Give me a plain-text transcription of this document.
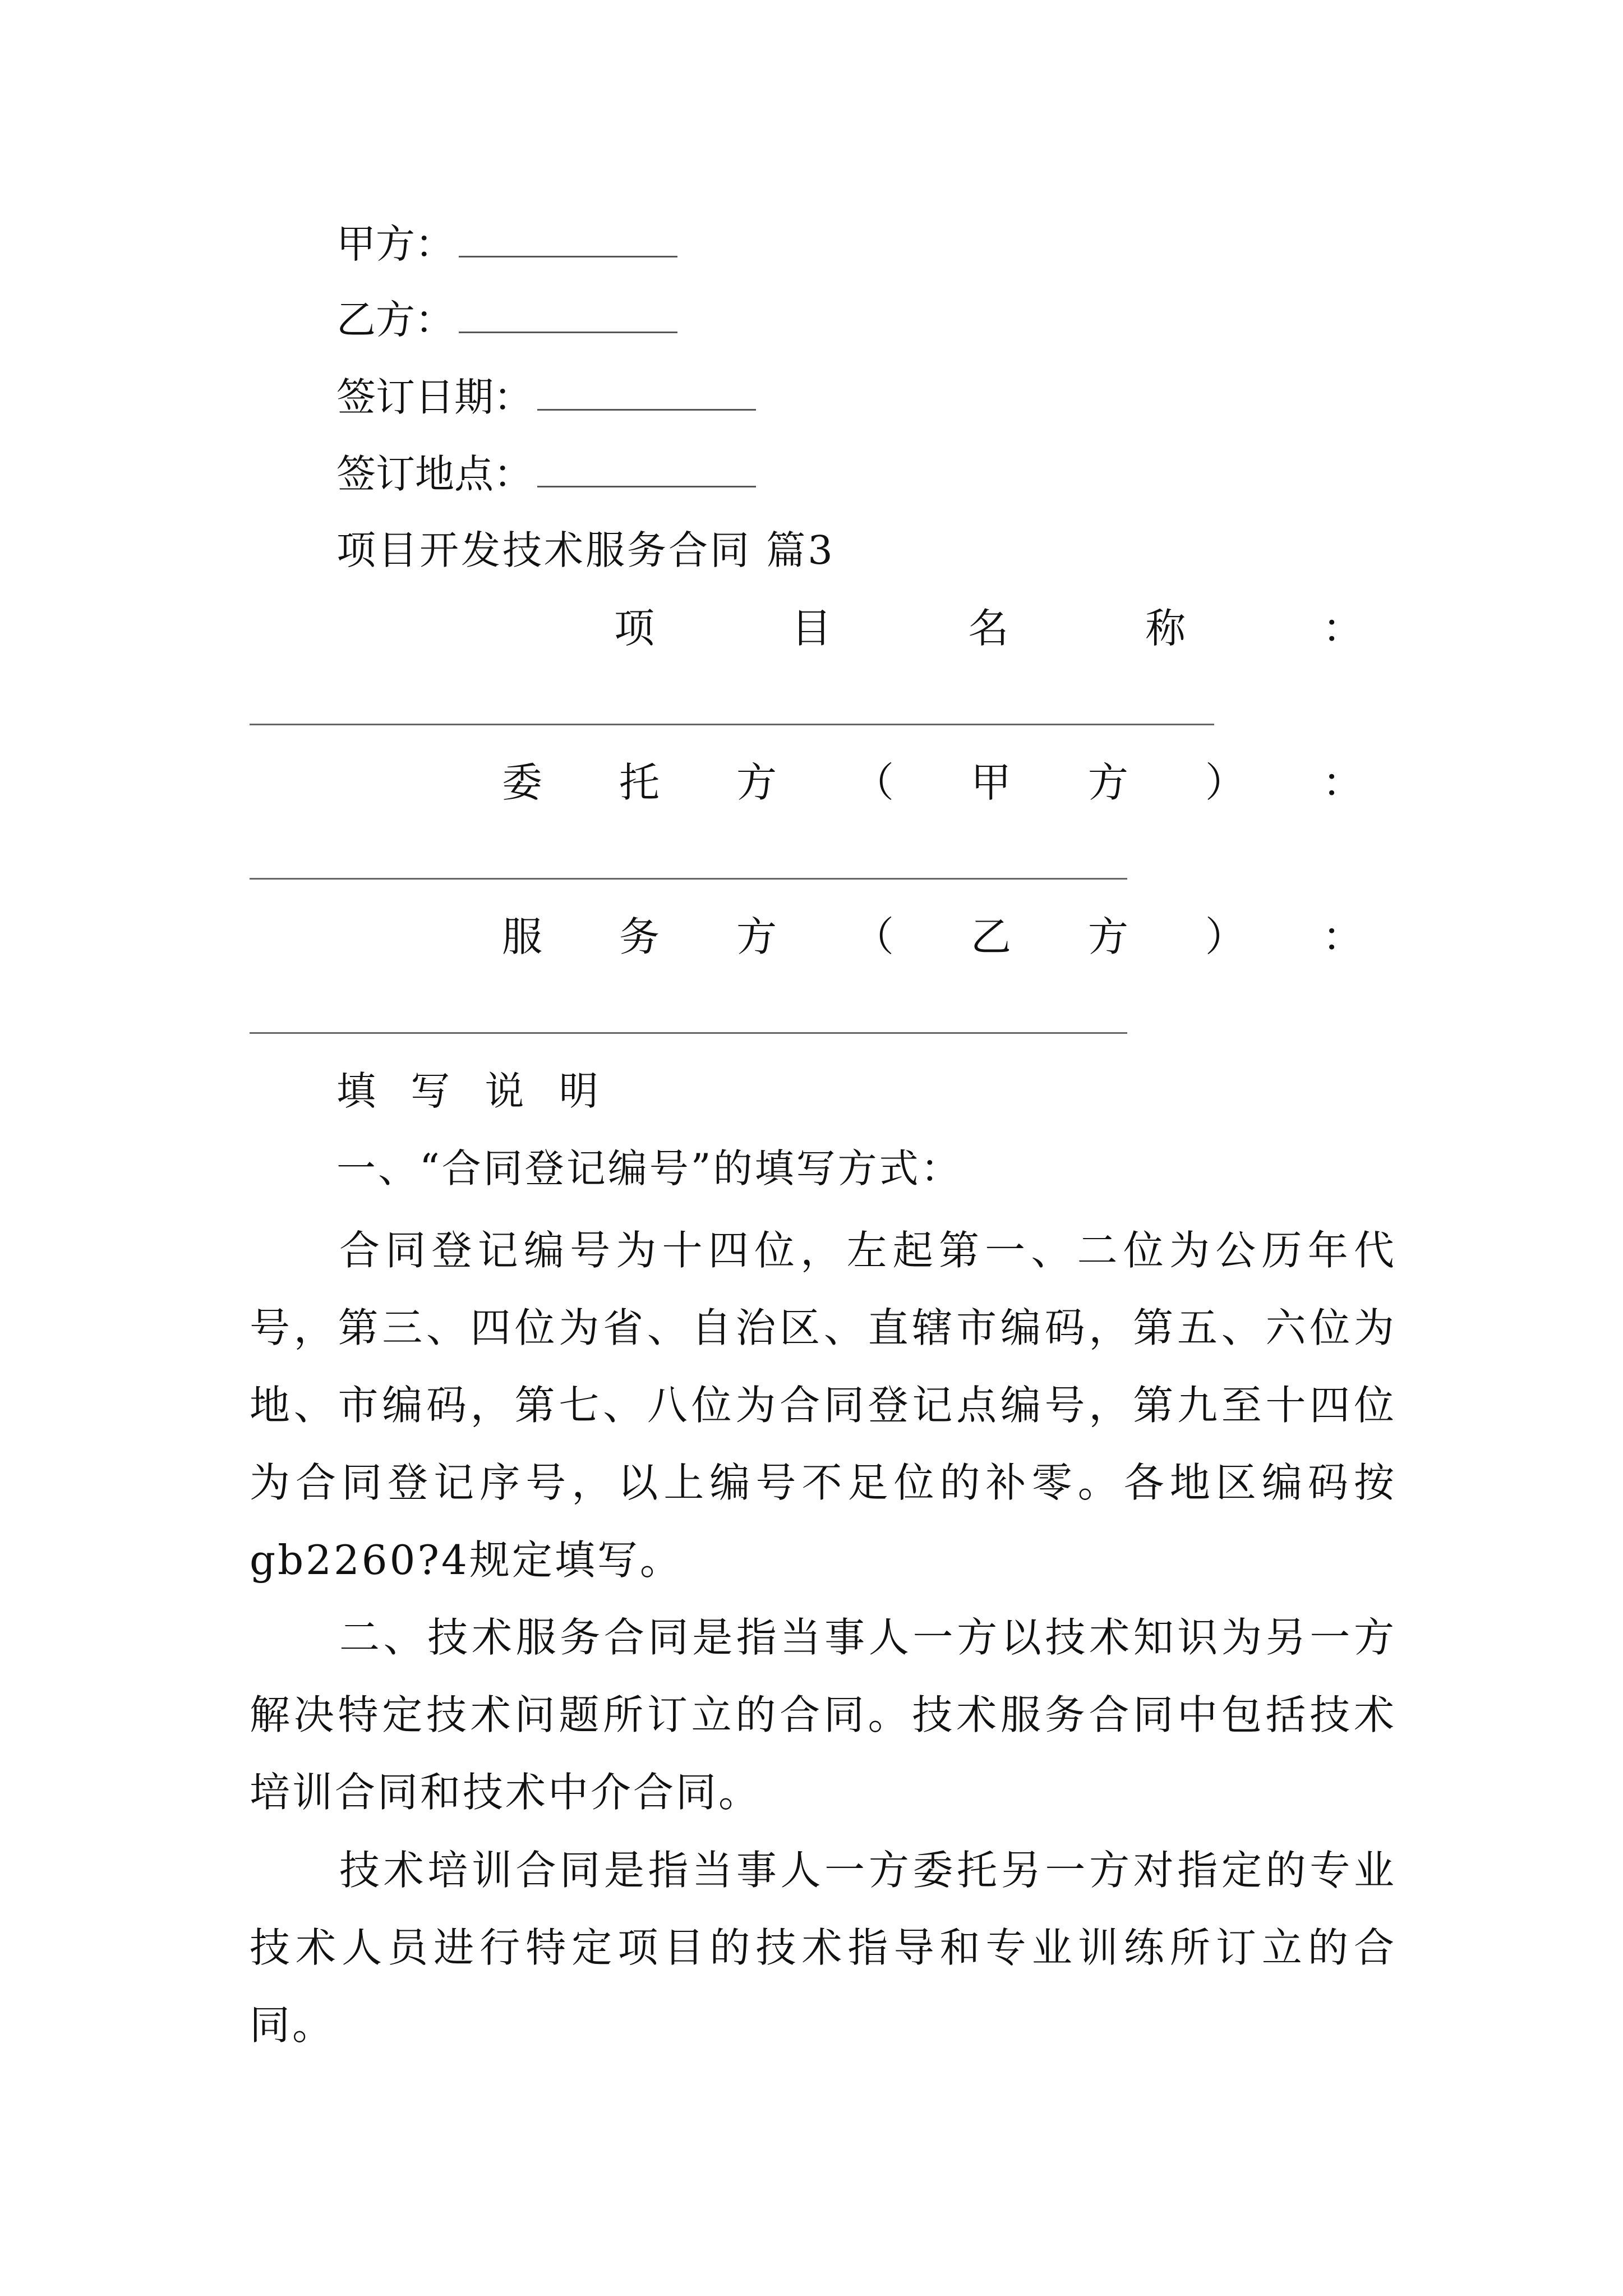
甲方：
乙方：
签订日期：
签订地点：
项目开发技术服务合同 篇3
项	目	名	称	：
委 托 方 （ 甲 方 ） ：
服 务 方 （ 乙 方 ） ：
填 写 说 明
一、“合同登记编号”的填写方式：
合同登记编号为十四位，左起第一、二位为公历年代号，第三、四位为省、自治区、直辖市编码，第五、六位为地、市编码，第七、八位为合同登记点编号，第九至十四位为合同登记序号，以上编号不足位的补零。各地区编码按gb2260?4规定填写。
二、技术服务合同是指当事人一方以技术知识为另一方解决特定技术问题所订立的合同。技术服务合同中包括技术培训合同和技术中介合同。
技术培训合同是指当事人一方委托另一方对指定的专业技术人员进行特定项目的技术指导和专业训练所订立的合同。
